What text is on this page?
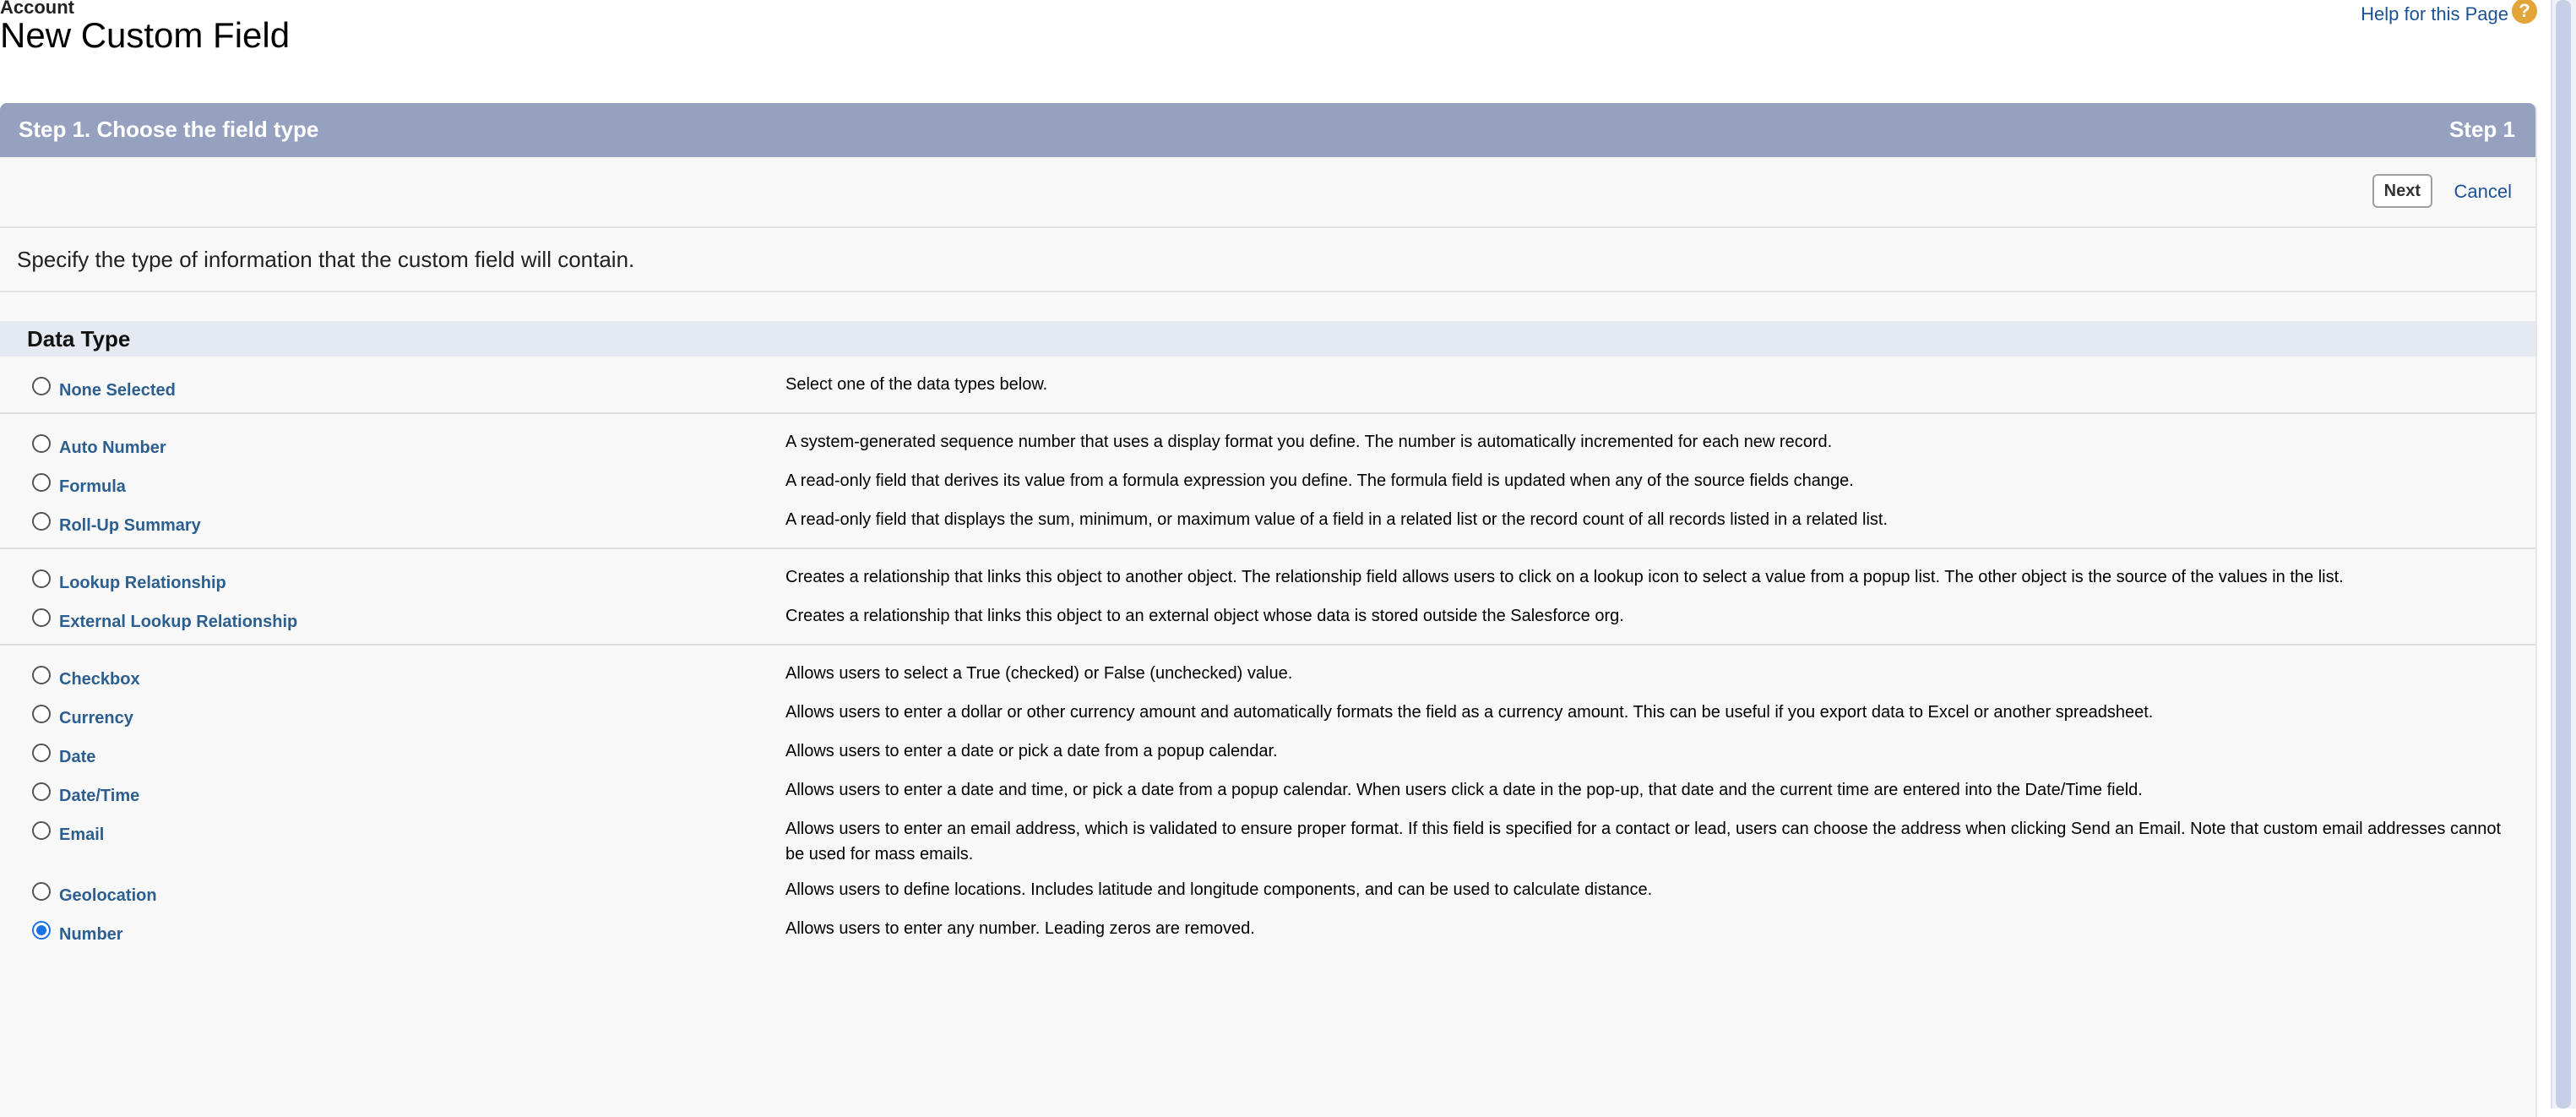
Account
New Custom Field
Help for this Page ?
Step 1. Choose the field type	Step 1
Next	Cancel
Specify the type of information that the custom field will contain.
Data Type
None Selected	Select one of the data types below.
Auto Number	A system-generated sequence number that uses a display format you define. The number is automatically incremented for each new record.
Formula	A read-only field that derives its value from a formula expression you define. The formula field is updated when any of the source fields change.
Roll-Up Summary	A read-only field that displays the sum, minimum, or maximum value of a field in a related list or the record count of all records listed in a related list.
Lookup Relationship	Creates a relationship that links this object to another object. The relationship field allows users to click on a lookup icon to select a value from a popup list. The other object is the source of the values in the list.
External Lookup Relationship	Creates a relationship that links this object to an external object whose data is stored outside the Salesforce org.
Checkbox	Allows users to select a True (checked) or False (unchecked) value.
Currency	Allows users to enter a dollar or other currency amount and automatically formats the field as a currency amount. This can be useful if you export data to Excel or another spreadsheet.
Date	Allows users to enter a date or pick a date from a popup calendar.
Date/Time	Allows users to enter a date and time, or pick a date from a popup calendar. When users click a date in the pop-up, that date and the current time are entered into the Date/Time field.
Email	Allows users to enter an email address, which is validated to ensure proper format. If this field is specified for a contact or lead, users can choose the address when clicking Send an Email. Note that custom email addresses cannot be used for mass emails.
Geolocation	Allows users to define locations. Includes latitude and longitude components, and can be used to calculate distance.
Number	Allows users to enter any number. Leading zeros are removed.
